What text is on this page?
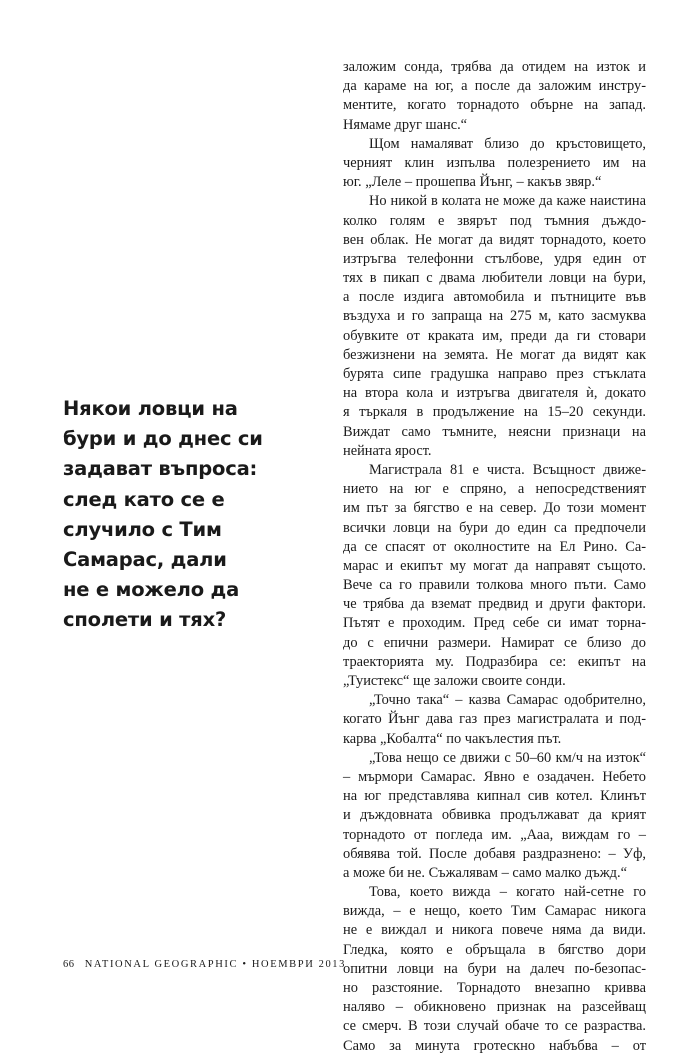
Някои ловци на
бури и до днес си
задават въпроса:
след като се е
случило с Тим
Самарас, дали
не е можело да
сполети и тях?
заложим сонда, трябва да отидем на изток и
да караме на юг, а после да заложим инстру-
ментите, когато торнадото обърне на запад.
Нямаме друг шанс.“
Щом намаляват близо до кръстовището,
черният клин изпълва полезрението им на
юг. „Леле – прошепва Йънг, – какъв звяр.“
Но никой в колата не може да каже наистина
колко голям е звярът под тъмния дъждо-
вен облак. Не могат да видят торнадото, което
изтръгва телефонни стълбове, удря един от
тях в пикап с двама любители ловци на бури,
а после издига автомобила и пътниците във
въздуха и го запраща на 275 м, като засмуква
обувките от краката им, преди да ги стовари
безжизнени на земята. Не могат да видят как
бурята сипе градушка направо през стъклата
на втора кола и изтръгва двигателя ѝ, докато
я търкаля в продължение на 15–20 секунди.
Виждат само тъмните, неясни признаци на
нейната ярост.
Магистрала 81 е чиста. Всъщност движе-
нието на юг е спряно, а непосредственият
им път за бягство е на север. До този момент
всички ловци на бури до един са предпочели
да се спасят от околностите на Ел Рино. Са-
марас и екипът му могат да направят същото.
Вече са го правили толкова много пъти. Само
че трябва да вземат предвид и други фактори.
Пътят е проходим. Пред себе си имат торна-
до с епични размери. Намират се близо до
траекторията му. Подразбира се: екипът на
„Туистекс“ ще заложи своите сонди.
„Точно така“ – казва Самарас одобрително,
когато Йънг дава газ през магистралата и под-
карва „Кобалта“ по чакълестия път.
„Това нещо се движи с 50–60 км/ч на изток“
– мърмори Самарас. Явно е озадачен. Небето
на юг представлява кипнал сив котел. Клинът
и дъждовната обвивка продължават да крият
торнадото от погледа им. „Ааа, виждам го –
обявява той. После добавя раздразнено: – Уф,
а може би не. Съжалявам – само малко дъжд.“
Това, което вижда – когато най-сетне го
вижда, – е нещо, което Тим Самарас никога
не е виждал и никога повече няма да види.
Гледка, която е обръщала в бягство дори
опитни ловци на бури на далеч по-безопас-
но разстояние. Торнадото внезапно кривва
наляво – обикновено признак на разсейващ
се смерч. В този случай обаче то се разраства.
Само за минута гротескно набъбва – от
66 NATIONAL GEOGRAPHIC • НОЕМВРИ 2013
